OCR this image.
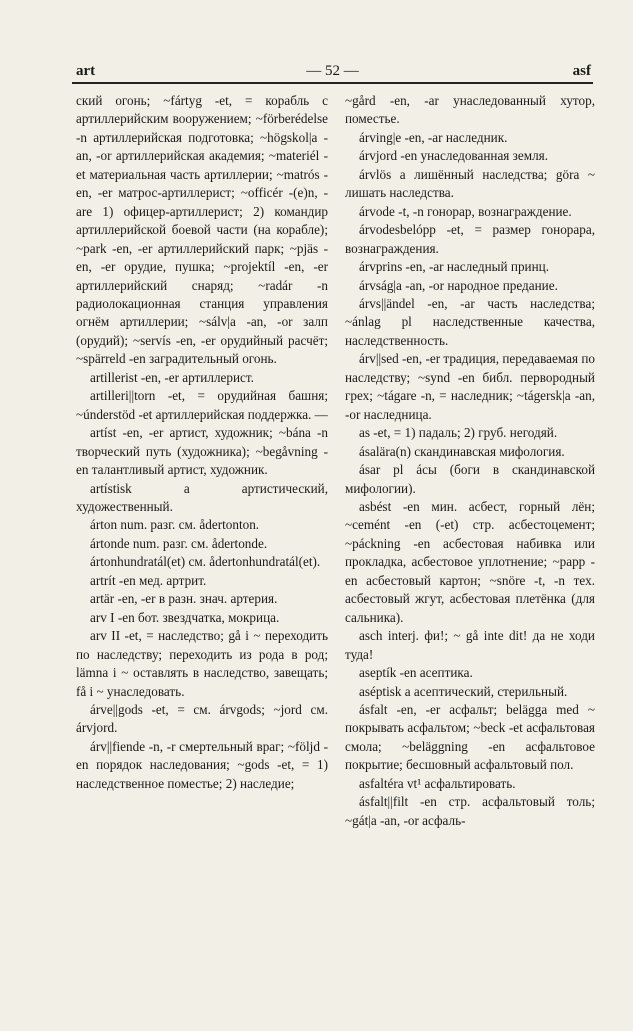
art	— 52 —	asf

ский огонь; ~fártyg -et, = корабль с артиллерийским вооружением; ~förberédelse -n артиллерийская подготовка; ~högskol|a -an, -or артиллерийская академия; ~materiél -et материальная часть артиллерии; ~matrós -en, -er матрос-артиллерист; ~officér -(e)n, -are 1) офицер-артиллерист; 2) командир артиллерийской боевой части (на корабле); ~park -en, -er артиллерийский парк; ~pjäs -en, -er орудие, пушка; ~projektíl -en, -er артиллерийский снаряд; ~radár -n радиолокационная станция управления огнём артиллерии; ~sálv|a -an, -or залп (орудий); ~servís -en, -er орудийный расчёт; ~spärreld -en заградительный огонь.

artillerist -en, -er артиллерист.

artilleri||torn -et, = орудийная башня; ~únderstöd -et артиллерийская поддержка. —

artíst -en, -er артист, художник; ~bána -n творческий путь (художника); ~begåvning -en талантливый артист, художник.

artístisk a артистический, художественный.

árton num. разг. см. ådertonton.

ártonde num. разг. см. ådertonde.

ártonhundratál(et) см. ådertonhundratál(et).

artrít -en мед. артрит.

artär -en, -er в разн. знач. артерия.

arv I -en бот. звездчатка, мокрица.

arv II -et, = наследство; gå i ~ переходить по наследству; переходить из рода в род; lämna i ~ оставлять в наследство, завещать; få i ~ унаследовать.

árve||gods -et, = см. árvgods; ~jord см. árvjord.

árv||fiende -n, -r смертельный враг; ~följd -en порядок наследования; ~gods -et, = 1) наследственное поместье; 2) наследие;

~gård -en, -ar унаследованный хутор, поместье.

árving|e -en, -ar наследник.

árvjord -en унаследованная земля.

árvlös a лишённый наследства; göra ~ лишать наследства.

árvode -t, -n гонорар, вознаграждение.

árvodesbelópp -et, = размер гонорара, вознаграждения.

árvprins -en, -ar наследный принц.

árvság|a -an, -or народное предание.

árvs||ändel -en, -ar часть наследства; ~ánlag pl наследственные качества, наследственность.

árv||sed -en, -er традиция, передаваемая по наследству; ~synd -en библ. первородный грех; ~tágare -n, = наследник; ~tágersk|a -an, -or наследница.

as -et, = 1) падаль; 2) груб. негодяй.

ásalära(n) скандинавская мифология.

ásar pl áсы (боги в скандинавской мифологии).

asbést -en мин. асбест, горный лён; ~cemént -en (-et) стр. асбестоцемент; ~páckning -en асбестовая набивка или прокладка, асбестовое уплотнение; ~papp -en асбестовый картон; ~snöre -t, -n тех. асбестовый жгут, асбестовая плетёнка (для сальника).

asch interj. фи!; ~ gå inte dit! да не ходи туда!

aseptík -en асептика.

aséptisk a асептический, стерильный.

ásfalt -en, -er асфальт; belägga med ~ покрывать асфальтом; ~beck -et асфальтовая смола; ~beläggning -en асфальтовое покрытие; бесшовный асфальтовый пол.

asfaltéra vt¹ асфальтировать.

ásfalt||filt -en стр. асфальтовый толь; ~gát|a -an, -or асфаль-
